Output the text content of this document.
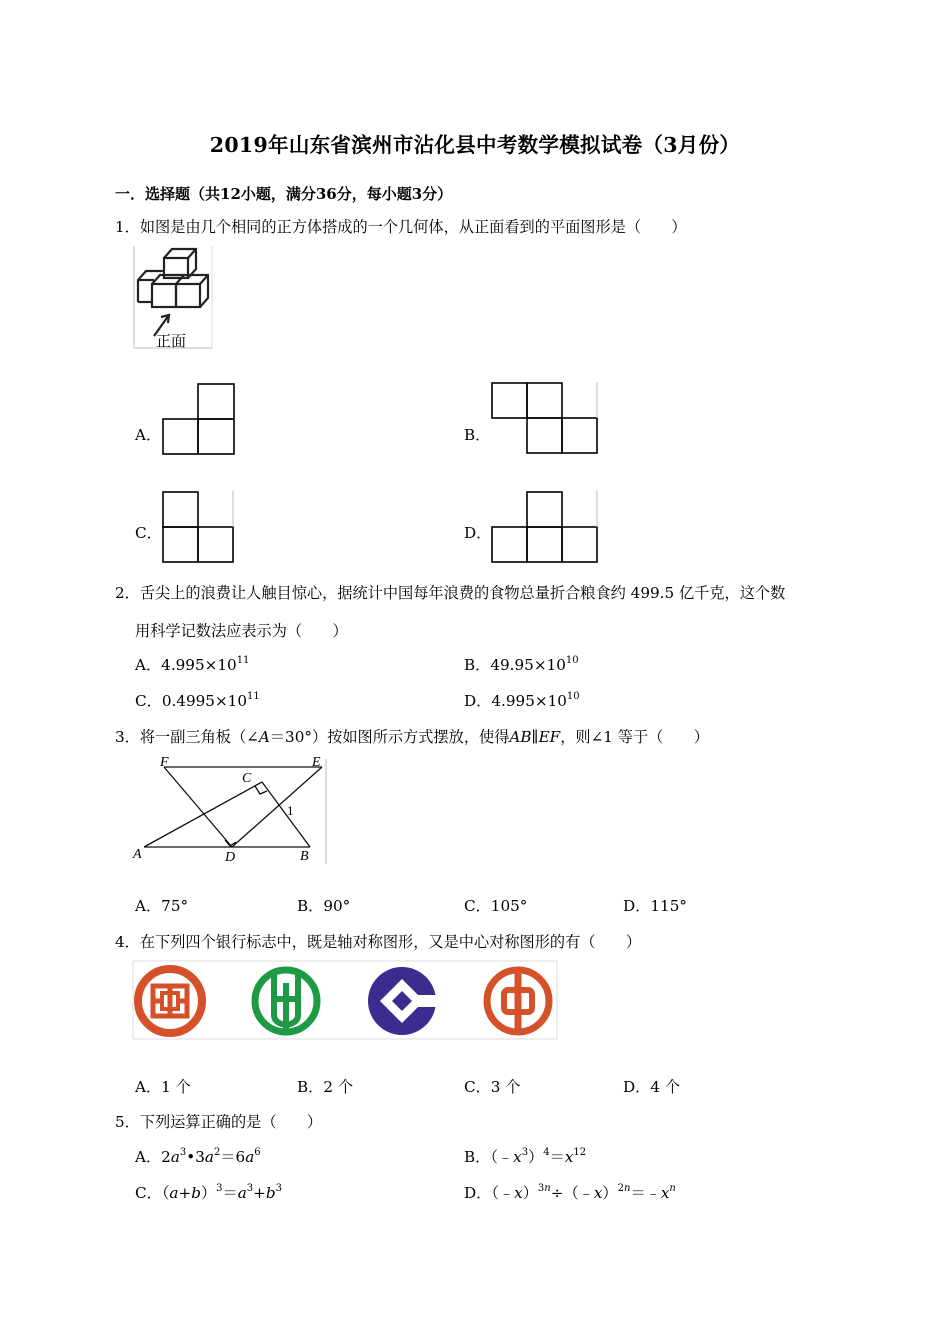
2019年山东省滨州市沾化县中考数学模拟试卷（3月份）
一．选择题（共12小题，满分36分，每小题3分）
1．如图是由几个相同的正方体搭成的一个几何体，从正面看到的平面图形是（　　）
正面
A．	B．
C．	D．
2．舌尖上的浪费让人触目惊心，据统计中国每年浪费的食物总量折合粮食约 499.5 亿千克，这个数
用科学记数法应表示为（　　）
A．$4.995\times 10^{11}$	B．$49.95\times 10^{10}$
C．$0.4995\times 10^{11}$	D．$4.995\times 10^{10}$
3．将一副三角板（∠A＝30°）按如图所示方式摆放，使得AB∥EF，则∠1 等于（　　）
F	E
C
1
A	D	B
A．75°	B．90°	C．105°	D．115°
4．在下列四个银行标志中，既是轴对称图形，又是中心对称图形的有（　　）
A．1 个	B．2 个	C．3 个	D．4 个
5．下列运算正确的是（　　）
A．$2a^3•3a^2=6a^6$	B．$(﹣x^3)^4=x^{12}$
C．$(a+b)^3=a^3+b^3$	D．$(﹣x)^{3n}\div(﹣x)^{2n}=﹣x^n$
